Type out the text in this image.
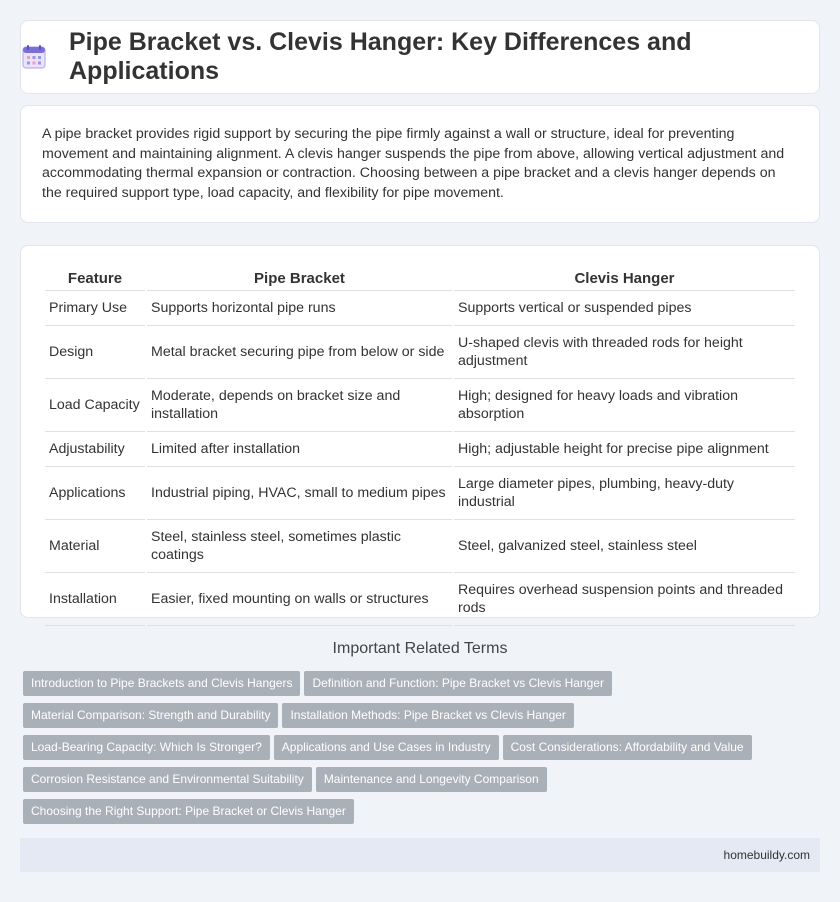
Pipe Bracket vs. Clevis Hanger: Key Differences and Applications

A pipe bracket provides rigid support by securing the pipe firmly against a wall or structure, ideal for preventing movement and maintaining alignment. A clevis hanger suspends the pipe from above, allowing vertical adjustment and accommodating thermal expansion or contraction. Choosing between a pipe bracket and a clevis hanger depends on the required support type, load capacity, and flexibility for pipe movement.

Feature	Pipe Bracket	Clevis Hanger
Primary Use	Supports horizontal pipe runs	Supports vertical or suspended pipes
Design	Metal bracket securing pipe from below or side	U-shaped clevis with threaded rods for height adjustment
Load Capacity	Moderate, depends on bracket size and installation	High; designed for heavy loads and vibration absorption
Adjustability	Limited after installation	High; adjustable height for precise pipe alignment
Applications	Industrial piping, HVAC, small to medium pipes	Large diameter pipes, plumbing, heavy-duty industrial
Material	Steel, stainless steel, sometimes plastic coatings	Steel, galvanized steel, stainless steel
Installation	Easier, fixed mounting on walls or structures	Requires overhead suspension points and threaded rods
Important Related Terms
Introduction to Pipe Brackets and Clevis Hangers Definition and Function: Pipe Bracket vs Clevis Hanger
Material Comparison: Strength and Durability Installation Methods: Pipe Bracket vs Clevis Hanger
Load-Bearing Capacity: Which Is Stronger? Applications and Use Cases in Industry Cost Considerations: Affordability and Value
Corrosion Resistance and Environmental Suitability Maintenance and Longevity Comparison
Choosing the Right Support: Pipe Bracket or Clevis Hanger
homebuildy.com
